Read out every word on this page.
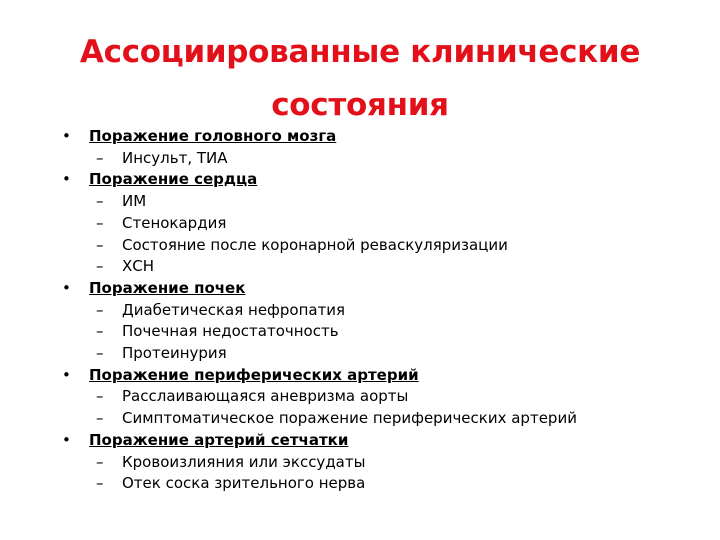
Ассоциированные клинические
состояния
• Поражение головного мозга
– Инсульт, ТИА
• Поражение сердца
– ИМ
– Стенокардия
– Состояние после коронарной реваскуляризации
– ХСН
• Поражение почек
– Диабетическая нефропатия
– Почечная недостаточность
– Протеинурия
• Поражение периферических артерий
– Расслаивающаяся аневризма аорты
– Симптоматическое поражение периферических артерий
• Поражение артерий сетчатки
– Кровоизлияния или экссудаты
– Отек соска зрительного нерва
